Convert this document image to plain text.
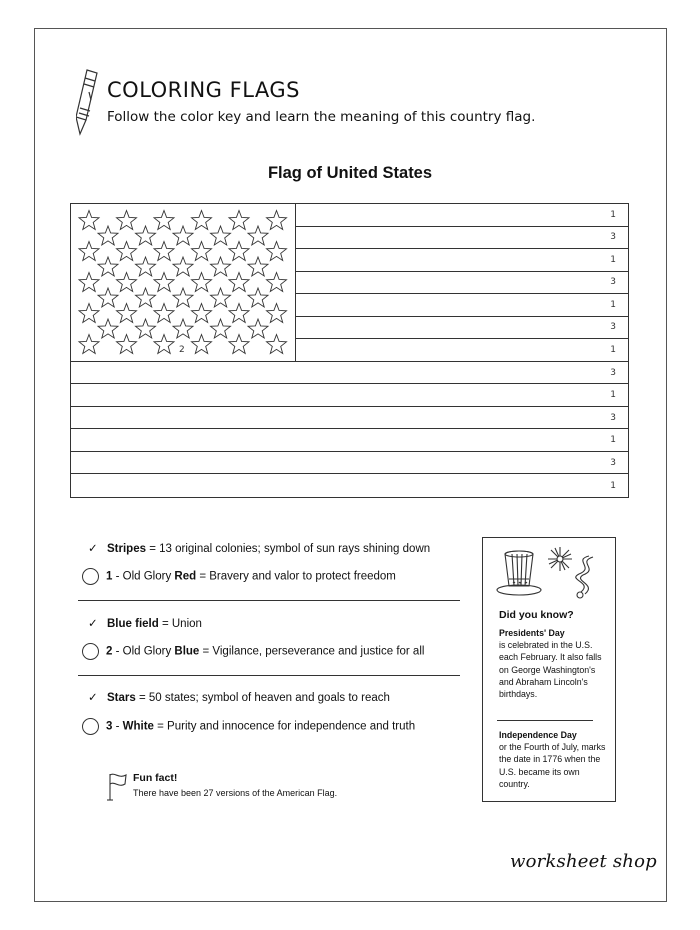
COLORING FLAGS
Follow the color key and learn the meaning of this country flag.
Flag of United States
1
3
1
3
1
3
1
3
1
3
1
3
1
2
✓ Stripes = 13 original colonies; symbol of sun rays shining down
1 - Old Glory Red = Bravery and valor to protect freedom
✓ Blue field = Union
2 - Old Glory Blue = Vigilance, perseverance and justice for all
✓ Stars = 50 states; symbol of heaven and goals to reach
3 - White = Purity and innocence for independence and truth
Fun fact!
There have been 27 versions of the American Flag.
Did you know?
Presidents' Day
is celebrated in the U.S. each February. It also falls on George Washington's and Abraham Lincoln's birthdays.
Independence Day
or the Fourth of July, marks the date in 1776 when the U.S. became its own country.
worksheet shop
